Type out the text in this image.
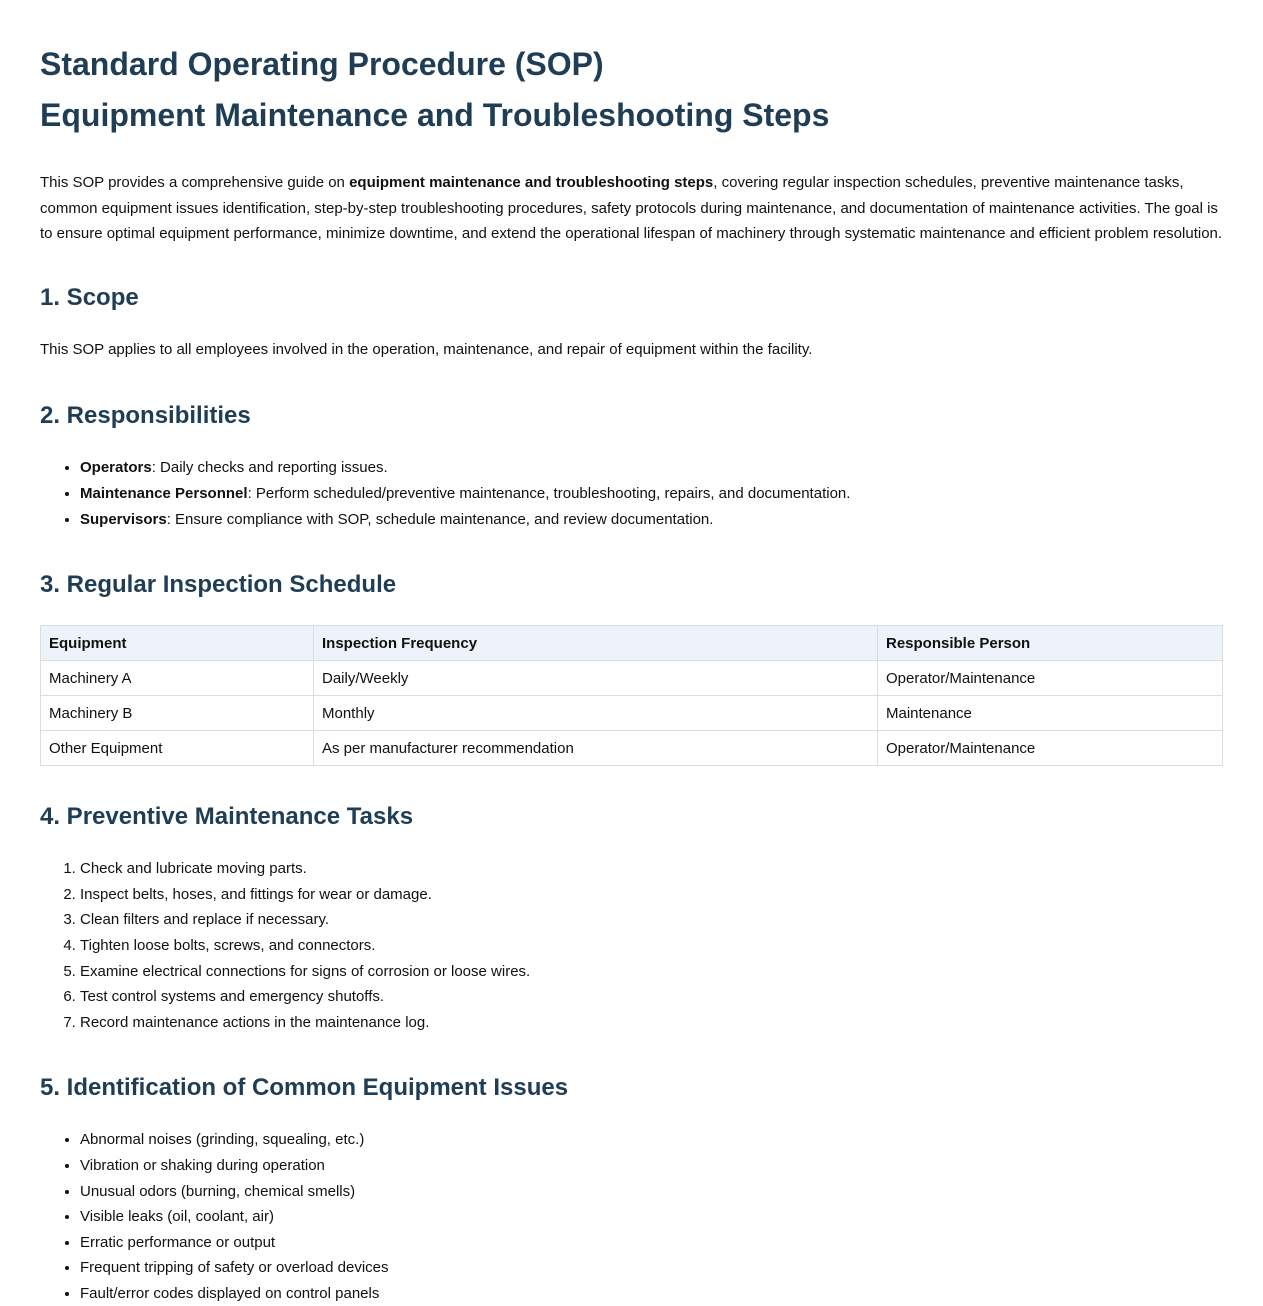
Standard Operating Procedure (SOP)
Equipment Maintenance and Troubleshooting Steps

This SOP provides a comprehensive guide on equipment maintenance and troubleshooting steps, covering regular inspection schedules, preventive maintenance tasks, common equipment issues identification, step-by-step troubleshooting procedures, safety protocols during maintenance, and documentation of maintenance activities. The goal is to ensure optimal equipment performance, minimize downtime, and extend the operational lifespan of machinery through systematic maintenance and efficient problem resolution.

1. Scope

This SOP applies to all employees involved in the operation, maintenance, and repair of equipment within the facility.

2. Responsibilities
• Operators: Daily checks and reporting issues.
• Maintenance Personnel: Perform scheduled/preventive maintenance, troubleshooting, repairs, and documentation.
• Supervisors: Ensure compliance with SOP, schedule maintenance, and review documentation.
3. Regular Inspection Schedule
Equipment	Inspection Frequency	Responsible Person
Machinery A	Daily/Weekly	Operator/Maintenance
Machinery B	Monthly	Maintenance
Other Equipment	As per manufacturer recommendation	Operator/Maintenance
4. Preventive Maintenance Tasks
1. Check and lubricate moving parts.
2. Inspect belts, hoses, and fittings for wear or damage.
3. Clean filters and replace if necessary.
4. Tighten loose bolts, screws, and connectors.
5. Examine electrical connections for signs of corrosion or loose wires.
6. Test control systems and emergency shutoffs.
7. Record maintenance actions in the maintenance log.
5. Identification of Common Equipment Issues
• Abnormal noises (grinding, squealing, etc.)
• Vibration or shaking during operation
• Unusual odors (burning, chemical smells)
• Visible leaks (oil, coolant, air)
• Erratic performance or output
• Frequent tripping of safety or overload devices
• Fault/error codes displayed on control panels
